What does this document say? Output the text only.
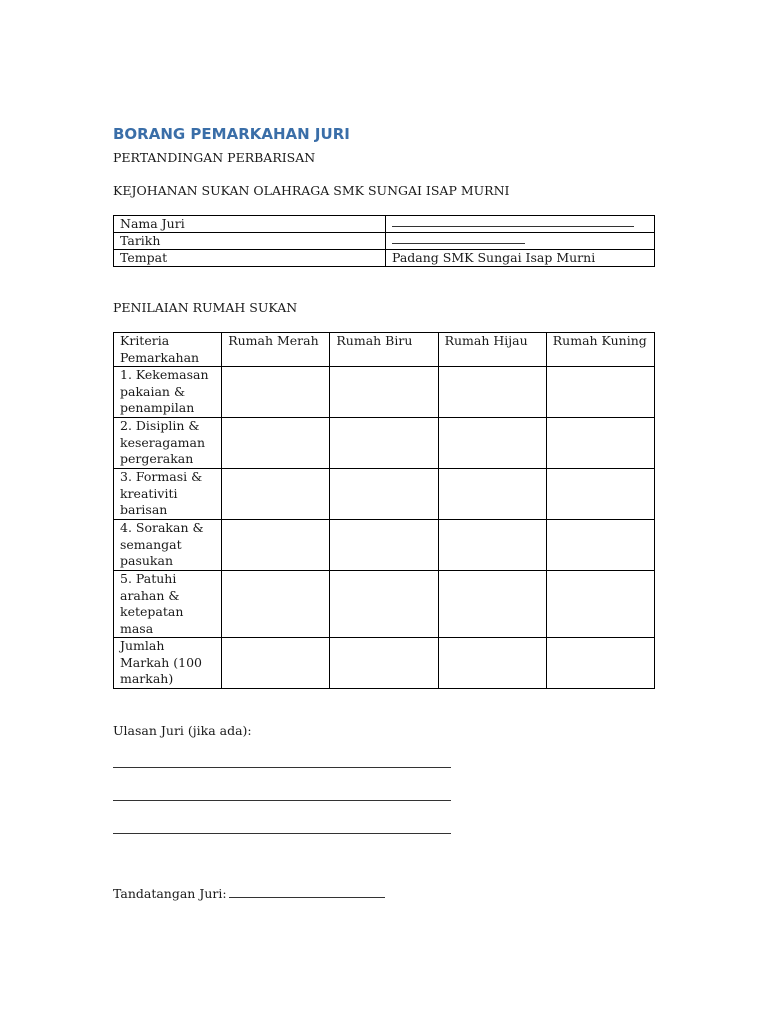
BORANG PEMARKAHAN JURI

PERTANDINGAN PERBARISAN

KEJOHANAN SUKAN OLAHRAGA SMK SUNGAI ISAP MURNI

Nama Juri	
Tarikh	
Tempat	Padang SMK Sungai Isap Murni

PENILAIAN RUMAH SUKAN

Kriteria Pemarkahan	Rumah Merah	Rumah Biru	Rumah Hijau	Rumah Kuning
1. Kekemasan pakaian & penampilan				
2. Disiplin & keseragaman pergerakan				
3. Formasi & kreativiti barisan				
4. Sorakan & semangat pasukan				
5. Patuhi arahan & ketepatan masa				
Jumlah Markah (100 markah)				

Ulasan Juri (jika ada):

Tandatangan Juri:
